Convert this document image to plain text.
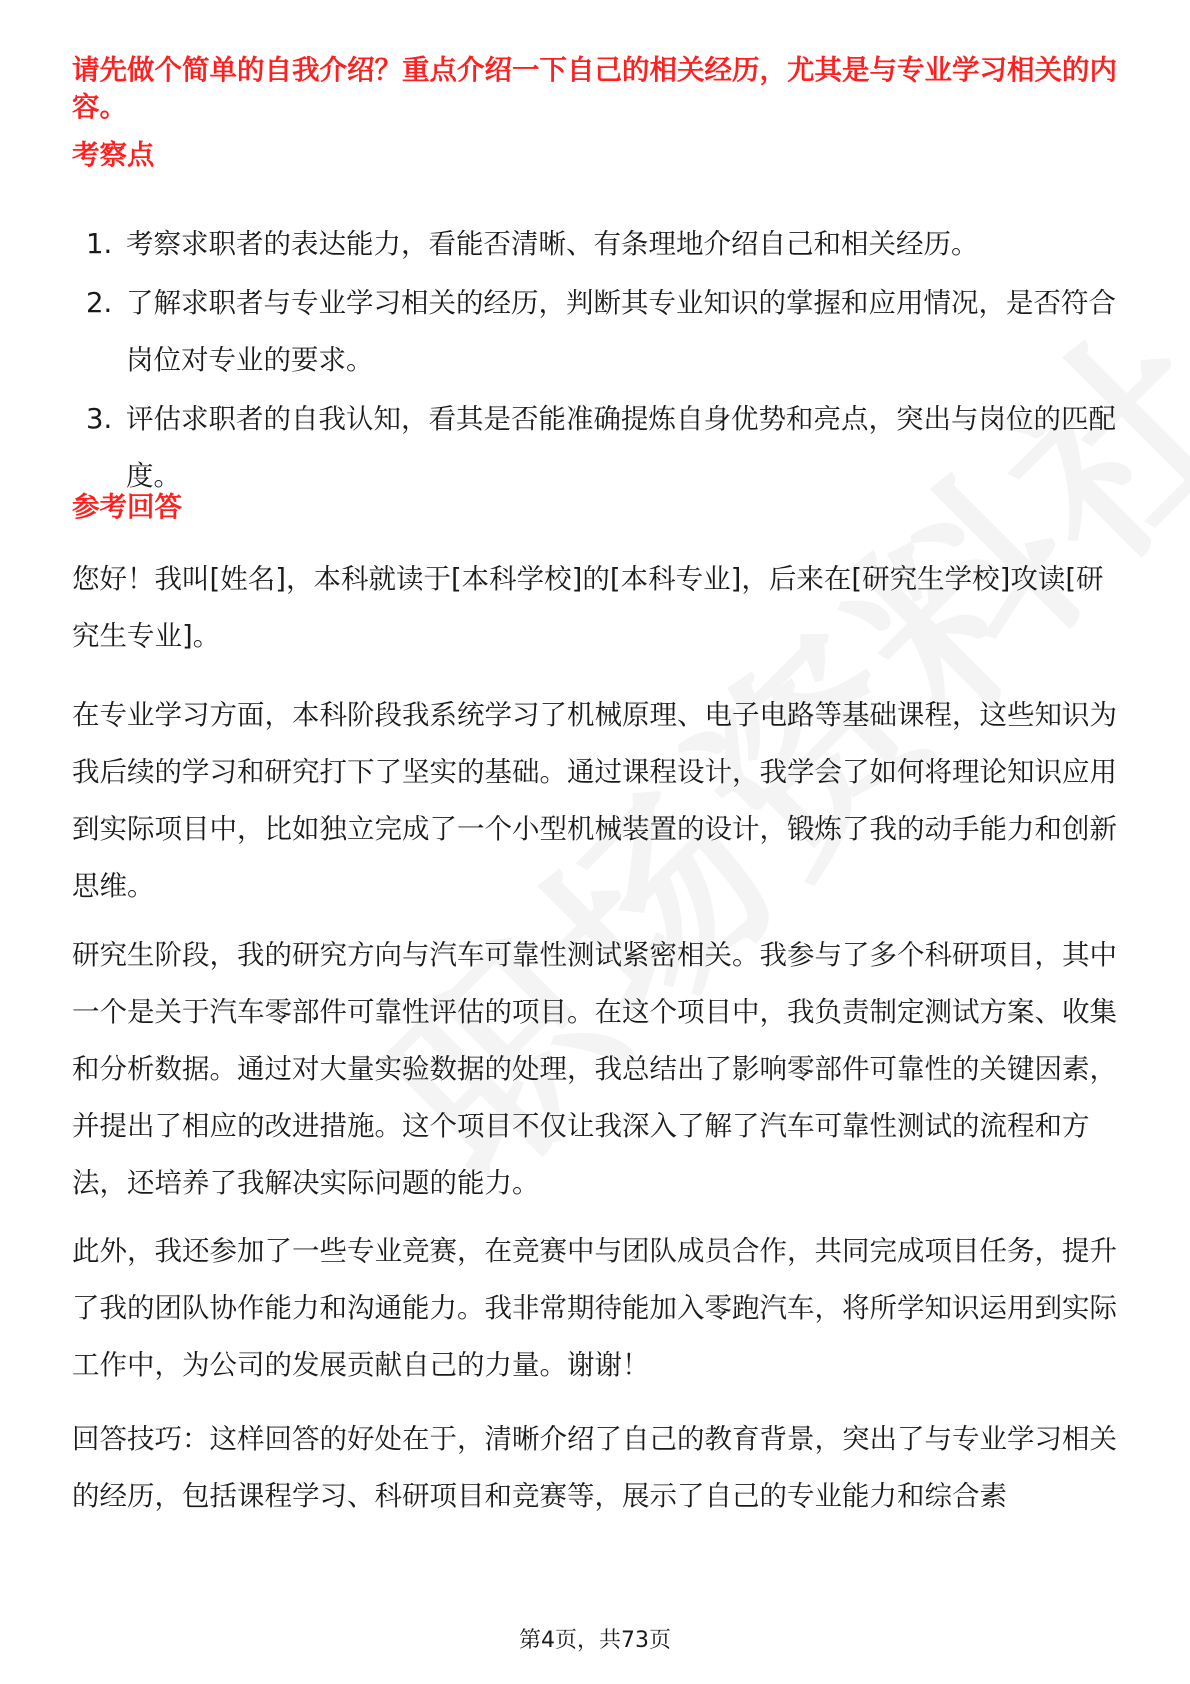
请先做个简单的自我介绍？重点介绍一下自己的相关经历，尤其是与专业学习相关的内容。

考察点

1. 考察求职者的表达能力，看能否清晰、有条理地介绍自己和相关经历。
2. 了解求职者与专业学习相关的经历，判断其专业知识的掌握和应用情况，是否符合岗位对专业的要求。
3. 评估求职者的自我认知，看其是否能准确提炼自身优势和亮点，突出与岗位的匹配度。

参考回答

您好！我叫[姓名]，本科就读于[本科学校]的[本科专业]，后来在[研究生学校]攻读[研究生专业]。

在专业学习方面，本科阶段我系统学习了机械原理、电子电路等基础课程，这些知识为我后续的学习和研究打下了坚实的基础。通过课程设计，我学会了如何将理论知识应用到实际项目中，比如独立完成了一个小型机械装置的设计，锻炼了我的动手能力和创新思维。

研究生阶段，我的研究方向与汽车可靠性测试紧密相关。我参与了多个科研项目，其中一个是关于汽车零部件可靠性评估的项目。在这个项目中，我负责制定测试方案、收集和分析数据。通过对大量实验数据的处理，我总结出了影响零部件可靠性的关键因素，并提出了相应的改进措施。这个项目不仅让我深入了解了汽车可靠性测试的流程和方法，还培养了我解决实际问题的能力。

此外，我还参加了一些专业竞赛，在竞赛中与团队成员合作，共同完成项目任务，提升了我的团队协作能力和沟通能力。我非常期待能加入零跑汽车，将所学知识运用到实际工作中，为公司的发展贡献自己的力量。谢谢！

回答技巧：这样回答的好处在于，清晰介绍了自己的教育背景，突出了与专业学习相关的经历，包括课程学习、科研项目和竞赛等，展示了自己的专业能力和综合素

第4页，共73页
